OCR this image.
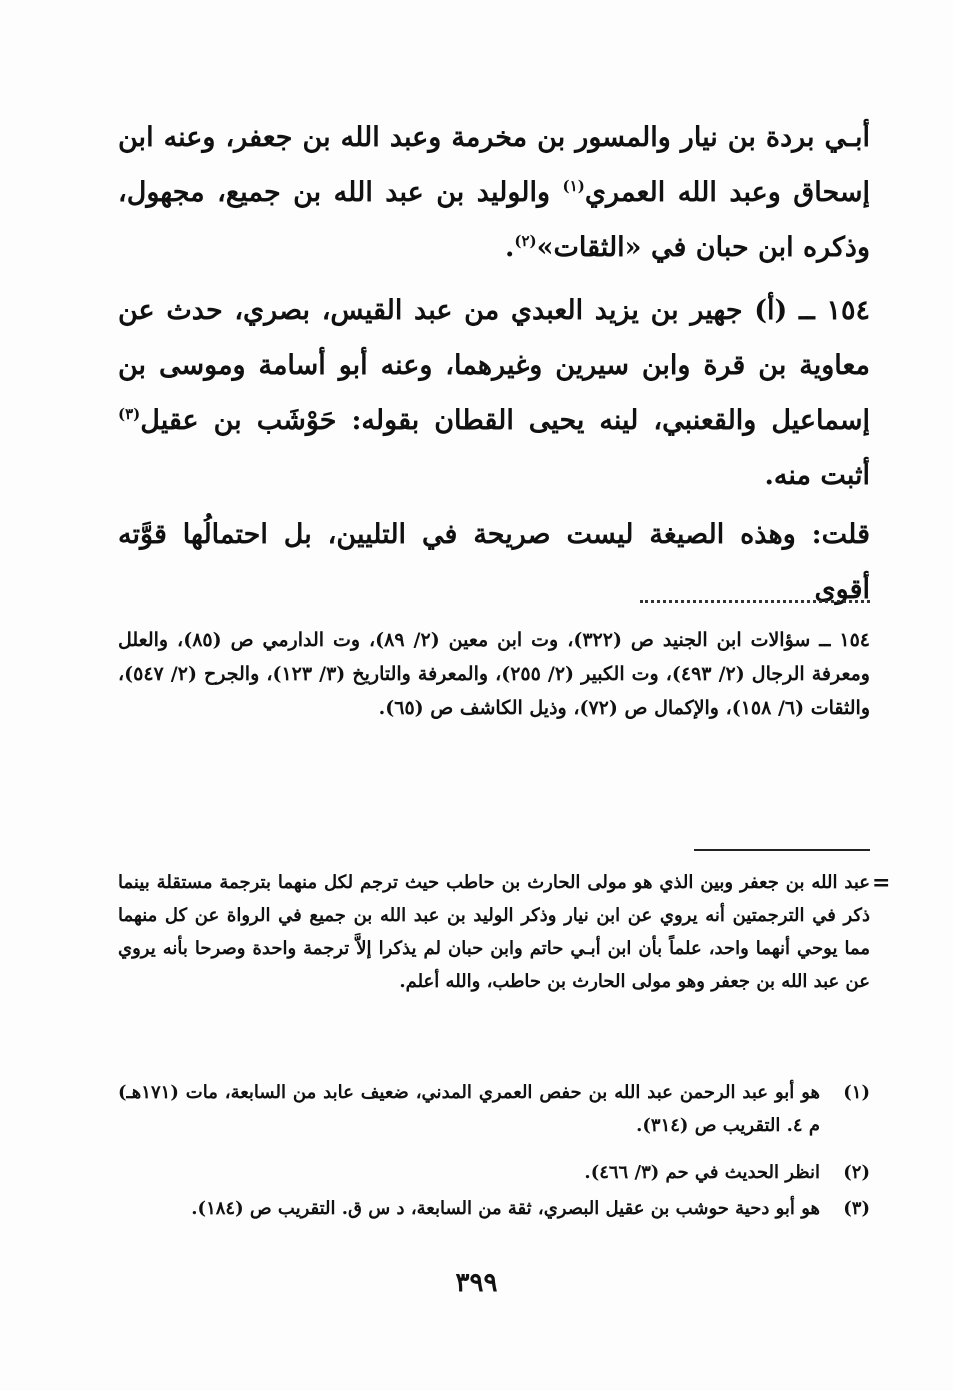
أبـي بردة بن نيار والمسور بن مخرمة وعبد الله بن جعفر، وعنه ابن إسحاق وعبد الله العمري$^{(١)}$ والوليد بن عبد الله بن جميع، مجهول، وذكره ابن حبان في «الثقات»$^{(٢)}$.

١٥٤ ــ (أ) جهير بن يزيد العبدي من عبد القيس، بصري، حدث عن معاوية بن قرة وابن سيرين وغيرهما، وعنه أبو أسامة وموسى بن إسماعيل والقعنبي، لينه يحيى القطان بقوله: حَوْشَب بن عقيل$^{(٣)}$ أثبت منه.

قلت: وهذه الصيغة ليست صريحة في التليين، بل احتمالُها قوَّته أقوى

١٥٤ ــ سؤالات ابن الجنيد ص (٣٢٢)، وت ابن معين (٢/ ٨٩)، وت الدارمي ص (٨٥)، والعلل ومعرفة الرجال (٢/ ٤٩٣)، وت الكبير (٢/ ٢٥٥)، والمعرفة والتاريخ (٣/ ١٢٣)، والجرح (٢/ ٥٤٧)، والثقات (٦/ ١٥٨)، والإكمال ص (٧٢)، وذيل الكاشف ص (٦٥).
=
عبد الله بن جعفر وبين الذي هو مولى الحارث بن حاطب حيث ترجم لكل منهما بترجمة مستقلة بينما ذكر في الترجمتين أنه يروي عن ابن نيار وذكر الوليد بن عبد الله بن جميع في الرواة عن كل منهما مما يوحي أنهما واحد، علماً بأن ابن أبـي حاتم وابن حبان لم يذكرا إلاَّ ترجمة واحدة وصرحا بأنه يروي عن عبد الله بن جعفر وهو مولى الحارث بن حاطب، والله أعلم.
(١)
هو أبو عبد الرحمن عبد الله بن حفص العمري المدني، ضعيف عابد من السابعة، مات (١٧١هـ) م ٤. التقريب ص (٣١٤).
(٢)
انظر الحديث في حم (٣/ ٤٦٦).
(٣)
هو أبو دحية حوشب بن عقيل البصري، ثقة من السابعة، د س ق. التقريب ص (١٨٤).
٣٩٩
